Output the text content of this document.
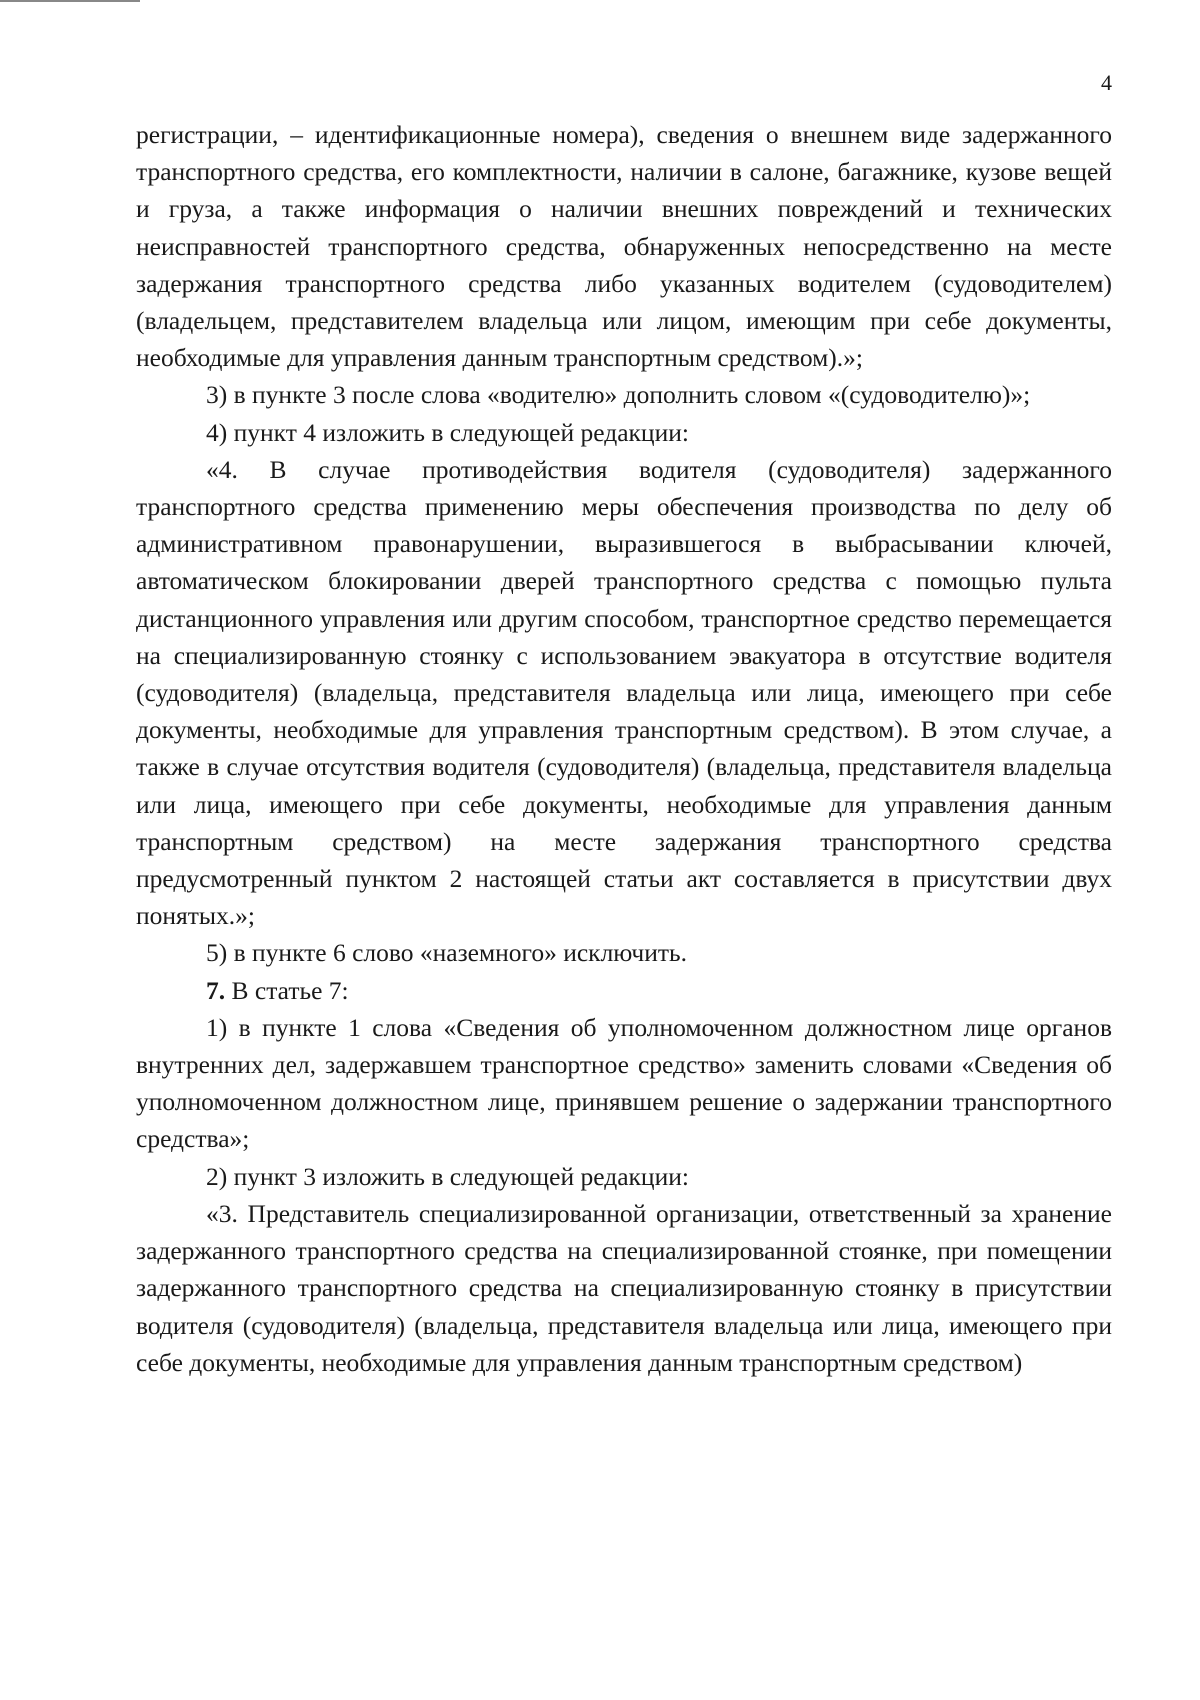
4

регистрации, – идентификационные номера), сведения о внешнем виде задержанного транспортного средства, его комплектности, наличии в салоне, багажнике, кузове вещей и груза, а также информация о наличии внешних повреждений и технических неисправностей транспортного средства, обнаруженных непосредственно на месте задержания транспортного средства либо указанных водителем (судоводителем) (владельцем, представителем владельца или лицом, имеющим при себе документы, необходимые для управления данным транспортным средством).»;

3) в пункте 3 после слова «водителю» дополнить словом «(судоводителю)»;

4) пункт 4 изложить в следующей редакции:

«4. В случае противодействия водителя (судоводителя) задержанного транспортного средства применению меры обеспечения производства по делу об административном правонарушении, выразившегося в выбрасывании ключей, автоматическом блокировании дверей транспортного средства с помощью пульта дистанционного управления или другим способом, транспортное средство перемещается на специализированную стоянку с использованием эвакуатора в отсутствие водителя (судоводителя) (владельца, представителя владельца или лица, имеющего при себе документы, необходимые для управления транспортным средством). В этом случае, а также в случае отсутствия водителя (судоводителя) (владельца, представителя владельца или лица, имеющего при себе документы, необходимые для управления данным транспортным средством) на месте задержания транспортного средства предусмотренный пунктом 2 настоящей статьи акт составляется в присутствии двух понятых.»;

5) в пункте 6 слово «наземного» исключить.

7. В статье 7:

1) в пункте 1 слова «Сведения об уполномоченном должностном лице органов внутренних дел, задержавшем транспортное средство» заменить словами «Сведения об уполномоченном должностном лице, принявшем решение о задержании транспортного средства»;

2) пункт 3 изложить в следующей редакции:

«3. Представитель специализированной организации, ответственный за хранение задержанного транспортного средства на специализированной стоянке, при помещении задержанного транспортного средства на специализированную стоянку в присутствии водителя (судоводителя) (владельца, представителя владельца или лица, имеющего при себе документы, необходимые для управления данным транспортным средством)
